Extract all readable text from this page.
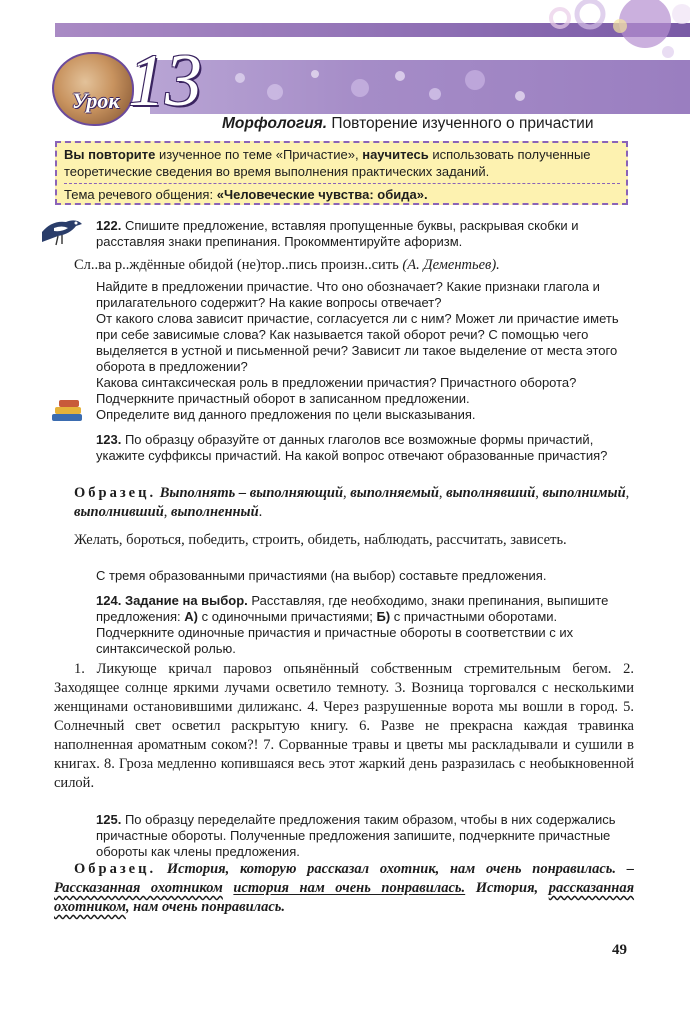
Урок 13
Морфология. Повторение изученного о причастии
Вы повторите изученное по теме «Причастие», научитесь использовать полученные теоретические сведения во время выполнения практических заданий.
Тема речевого общения: «Человеческие чувства: обида».
122. Спишите предложение, вставляя пропущенные буквы, раскрывая скобки и расставляя знаки препинания. Прокомментируйте афоризм.
Сл..ва р..ждённые обидой (не)тор..пись произн..сить (А. Дементьев).

Найдите в предложении причастие. Что оно обозначает? Какие признаки глагола и прилагательного содержит? На какие вопросы отвечает?

От какого слова зависит причастие, согласуется ли с ним? Может ли причастие иметь при себе зависимые слова? Как называется такой оборот речи? С помощью чего выделяется в устной и письменной речи? Зависит ли такое выделение от места этого оборота в предложении?

Какова синтаксическая роль в предложении причастия? Причастного оборота? Подчеркните причастный оборот в записанном предложении.

Определите вид данного предложения по цели высказывания.

123. По образцу образуйте от данных глаголов все возможные формы причастий, укажите суффиксы причастий. На какой вопрос отвечают образованные причастия?
Образец. Выполнять – выполняющий, выполняемый, выполнявший, выполнимый, выполнивший, выполненный.
Желать, бороться, победить, строить, обидеть, наблюдать, рассчитать, зависеть.
С тремя образованными причастиями (на выбор) составьте предложения.
124. Задание на выбор. Расставляя, где необходимо, знаки препинания, выпишите предложения: А) с одиночными причастиями; Б) с причастными оборотами. Подчеркните одиночные причастия и причастные обороты в соответствии с их синтаксической ролью.
1. Ликующе кричал паровоз опьянённый собственным стремительным бегом. 2. Заходящее солнце яркими лучами осветило темноту. 3. Возница торговался с несколькими женщинами остановившими дилижанс. 4. Через разрушенные ворота мы вошли в город. 5. Солнечный свет осветил раскрытую книгу. 6. Разве не прекрасна каждая травинка наполненная ароматным соком?! 7. Сорванные травы и цветы мы раскладывали и сушили в книгах. 8. Гроза медленно копившаяся весь этот жаркий день разразилась с необыкновенной силой.
125. По образцу переделайте предложения таким образом, чтобы в них содержались причастные обороты. Полученные предложения запишите, подчеркните причастные обороты как члены предложения.
Образец. История, которую рассказал охотник, нам очень понравилась. – Рассказанная охотником история нам очень понравилась. История, рассказанная охотником, нам очень понравилась.
49
